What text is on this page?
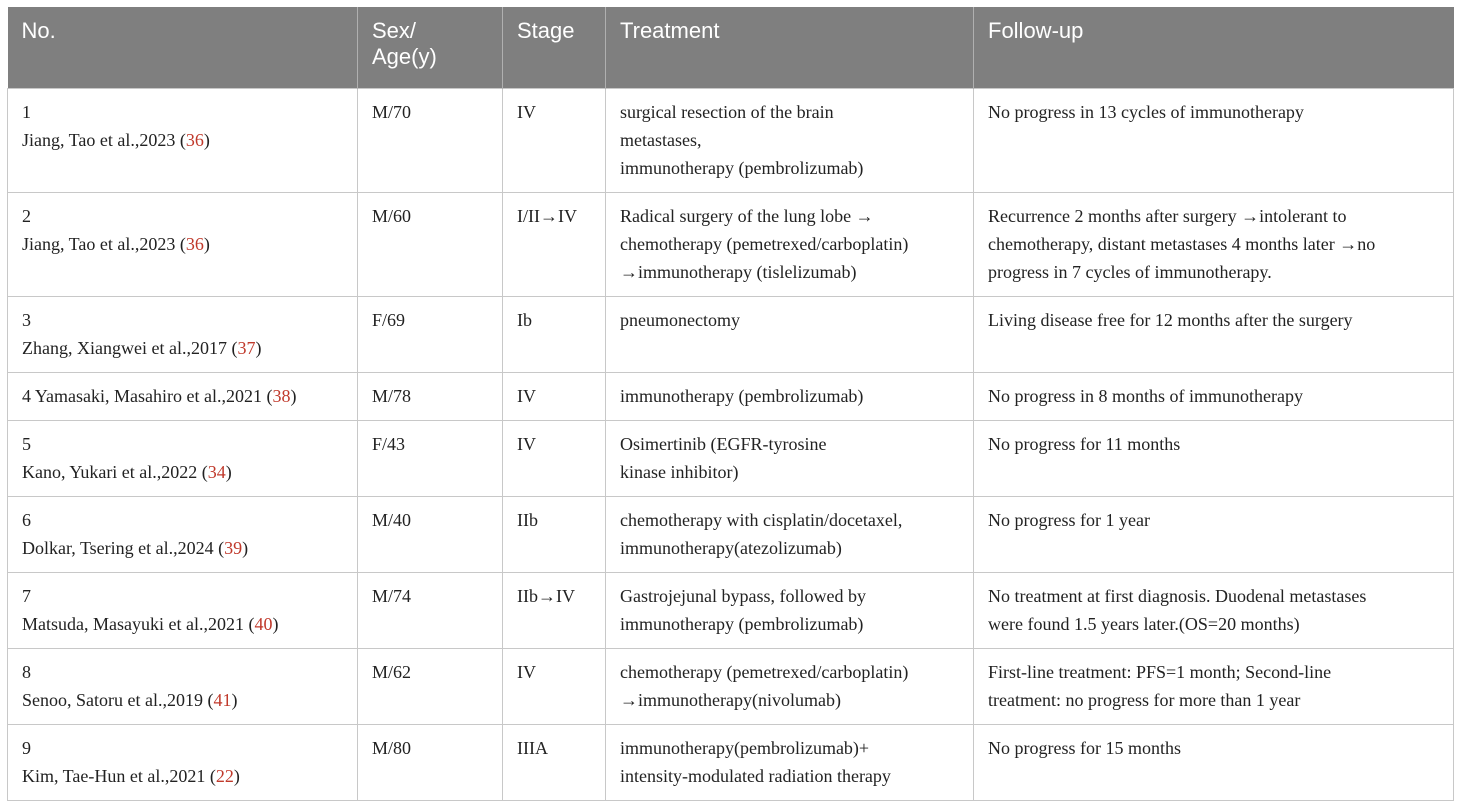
No.	Sex/
Age(y)	Stage	Treatment	Follow-up

1
Jiang, Tao et al.,2023 (36)	M/70	IV	surgical resection of the brain
metastases,
immunotherapy (pembrolizumab)	No progress in 13 cycles of immunotherapy

2
Jiang, Tao et al.,2023 (36)	M/60	I/II→IV	Radical surgery of the lung lobe →
chemotherapy (pemetrexed/carboplatin)
→immunotherapy (tislelizumab)	Recurrence 2 months after surgery →intolerant to
chemotherapy, distant metastases 4 months later →no
progress in 7 cycles of immunotherapy.

3
Zhang, Xiangwei et al.,2017 (37)	F/69	Ib	pneumonectomy	Living disease free for 12 months after the surgery

4 Yamasaki, Masahiro et al.,2021 (38)	M/78	IV	immunotherapy (pembrolizumab)	No progress in 8 months of immunotherapy

5
Kano, Yukari et al.,2022 (34)	F/43	IV	Osimertinib (EGFR-tyrosine
kinase inhibitor)	No progress for 11 months

6
Dolkar, Tsering et al.,2024 (39)	M/40	IIb	chemotherapy with cisplatin/docetaxel,
immunotherapy(atezolizumab)	No progress for 1 year

7
Matsuda, Masayuki et al.,2021 (40)	M/74	IIb→IV	Gastrojejunal bypass, followed by
immunotherapy (pembrolizumab)	No treatment at first diagnosis. Duodenal metastases
were found 1.5 years later.(OS=20 months)

8
Senoo, Satoru et al.,2019 (41)	M/62	IV	chemotherapy (pemetrexed/carboplatin)
→immunotherapy(nivolumab)	First-line treatment: PFS=1 month; Second-line
treatment: no progress for more than 1 year

9
Kim, Tae-Hun et al.,2021 (22)	M/80	IIIA	immunotherapy(pembrolizumab)+
intensity-modulated radiation therapy	No progress for 15 months
